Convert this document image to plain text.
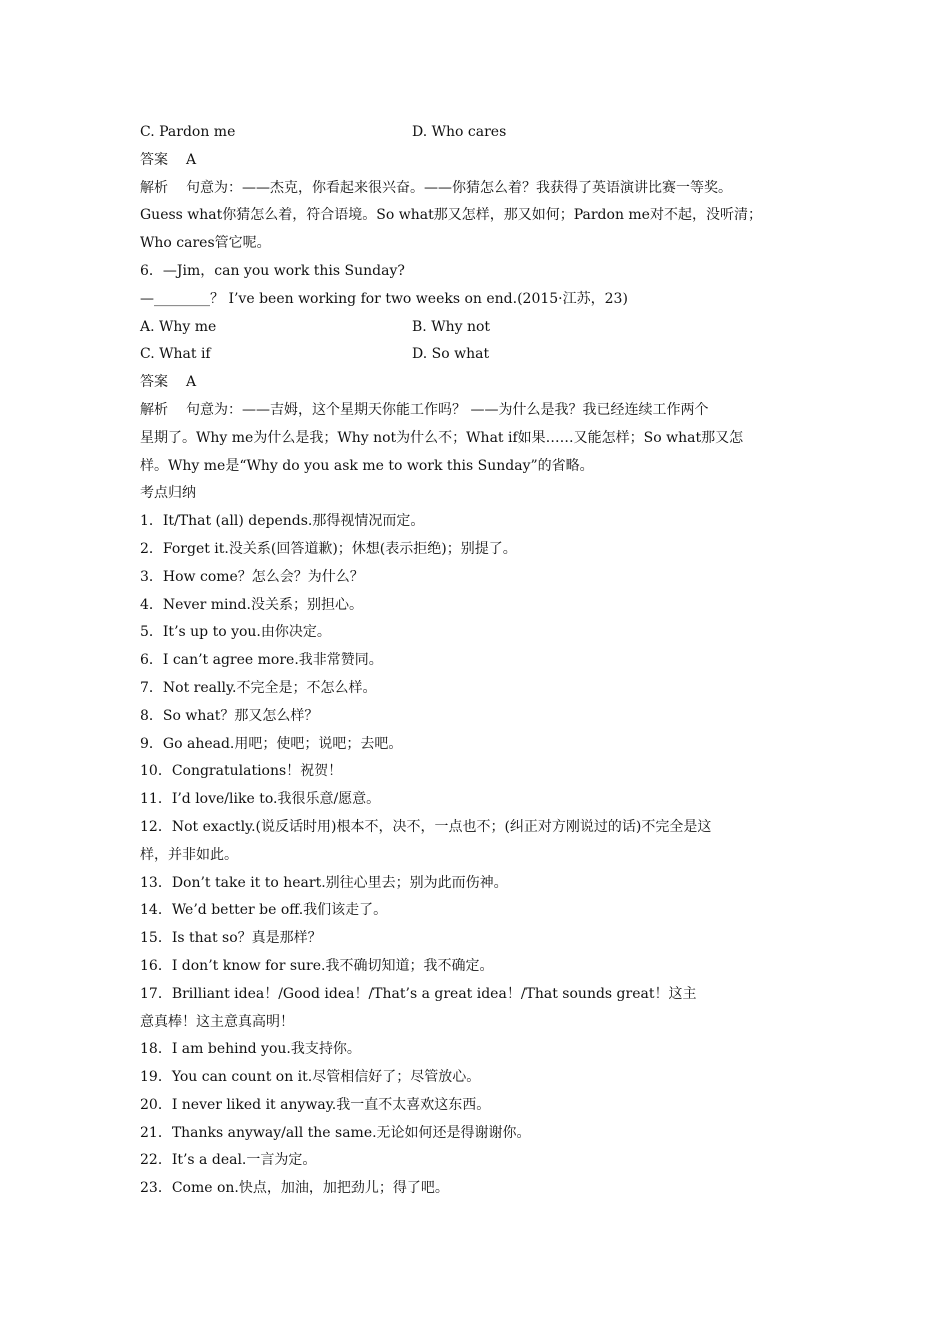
C. Pardon me	D. Who cares
答案 A
解析 句意为：——杰克，你看起来很兴奋。——你猜怎么着？我获得了英语演讲比赛一等奖。
Guess what你猜怎么着，符合语境。So what那又怎样，那又如何；Pardon me对不起，没听清；
Who cares管它呢。
6．—Jim，can you work this Sunday?
—________？ I’ve been working for two weeks on end.(2015·江苏，23)
A. Why me	B. Why not
C. What if	D. So what
答案 A
解析 句意为：——吉姆，这个星期天你能工作吗？ ——为什么是我？我已经连续工作两个
星期了。Why me为什么是我；Why not为什么不；What if如果……又能怎样；So what那又怎
样。Why me是“Why do you ask me to work this Sunday”的省略。
考点归纳
1．It/That (all) depends.那得视情况而定。
2．Forget it.没关系(回答道歉)；休想(表示拒绝)；别提了。
3．How come？怎么会？为什么？
4．Never mind.没关系；别担心。
5．It’s up to you.由你决定。
6．I can’t agree more.我非常赞同。
7．Not really.不完全是；不怎么样。
8．So what？那又怎么样？
9．Go ahead.用吧；使吧；说吧；去吧。
10．Congratulations！祝贺！
11．I’d love/like to.我很乐意/愿意。
12．Not exactly.(说反话时用)根本不，决不，一点也不；(纠正对方刚说过的话)不完全是这
样，并非如此。
13．Don’t take it to heart.别往心里去；别为此而伤神。
14．We’d better be off.我们该走了。
15．Is that so？真是那样？
16．I don’t know for sure.我不确切知道；我不确定。
17．Brilliant idea！/Good idea！/That’s a great idea！/That sounds great！这主
意真棒！这主意真高明！
18．I am behind you.我支持你。
19．You can count on it.尽管相信好了；尽管放心。
20．I never liked it anyway.我一直不太喜欢这东西。
21．Thanks anyway/all the same.无论如何还是得谢谢你。
22．It’s a deal.一言为定。
23．Come on.快点，加油，加把劲儿；得了吧。
